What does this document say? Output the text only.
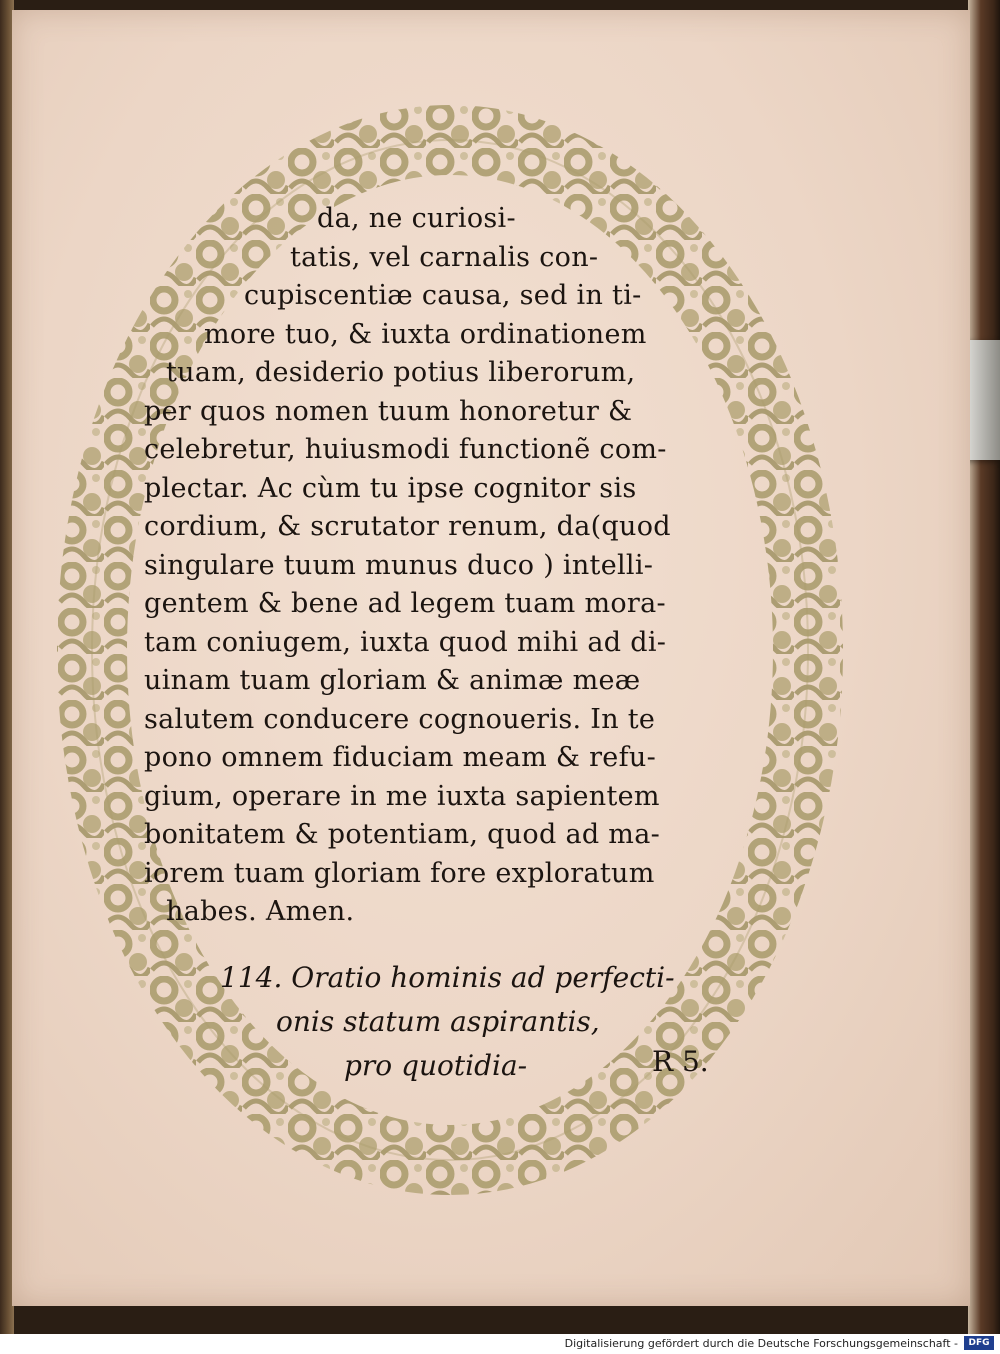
da, ne curiosi-
tatis, vel carnalis con-
cupiscentiæ causa, sed in ti-
more tuo, & iuxta ordinationem
tuam, desiderio potius liberorum,
per quos nomen tuum honoretur &
celebretur, huiusmodi functionẽ com-
plectar. Ac cùm tu ipse cognitor sis
cordium, & scrutator renum, da(quod
singulare tuum munus duco ) intelli-
gentem & bene ad legem tuam mora-
tam coniugem, iuxta quod mihi ad di-
uinam tuam gloriam & animæ meæ
salutem conducere cognoueris. In te
pono omnem fiduciam meam & refu-
gium, operare in me iuxta sapientem
bonitatem & potentiam, quod ad ma-
iorem tuam gloriam fore exploratum
habes. Amen.
114. Oratio hominis ad perfecti-
onis statum aspirantis,
pro quotidia-	R 5.
Digitalisierung gefördert durch die Deutsche Forschungsgemeinschaft -	DFG
